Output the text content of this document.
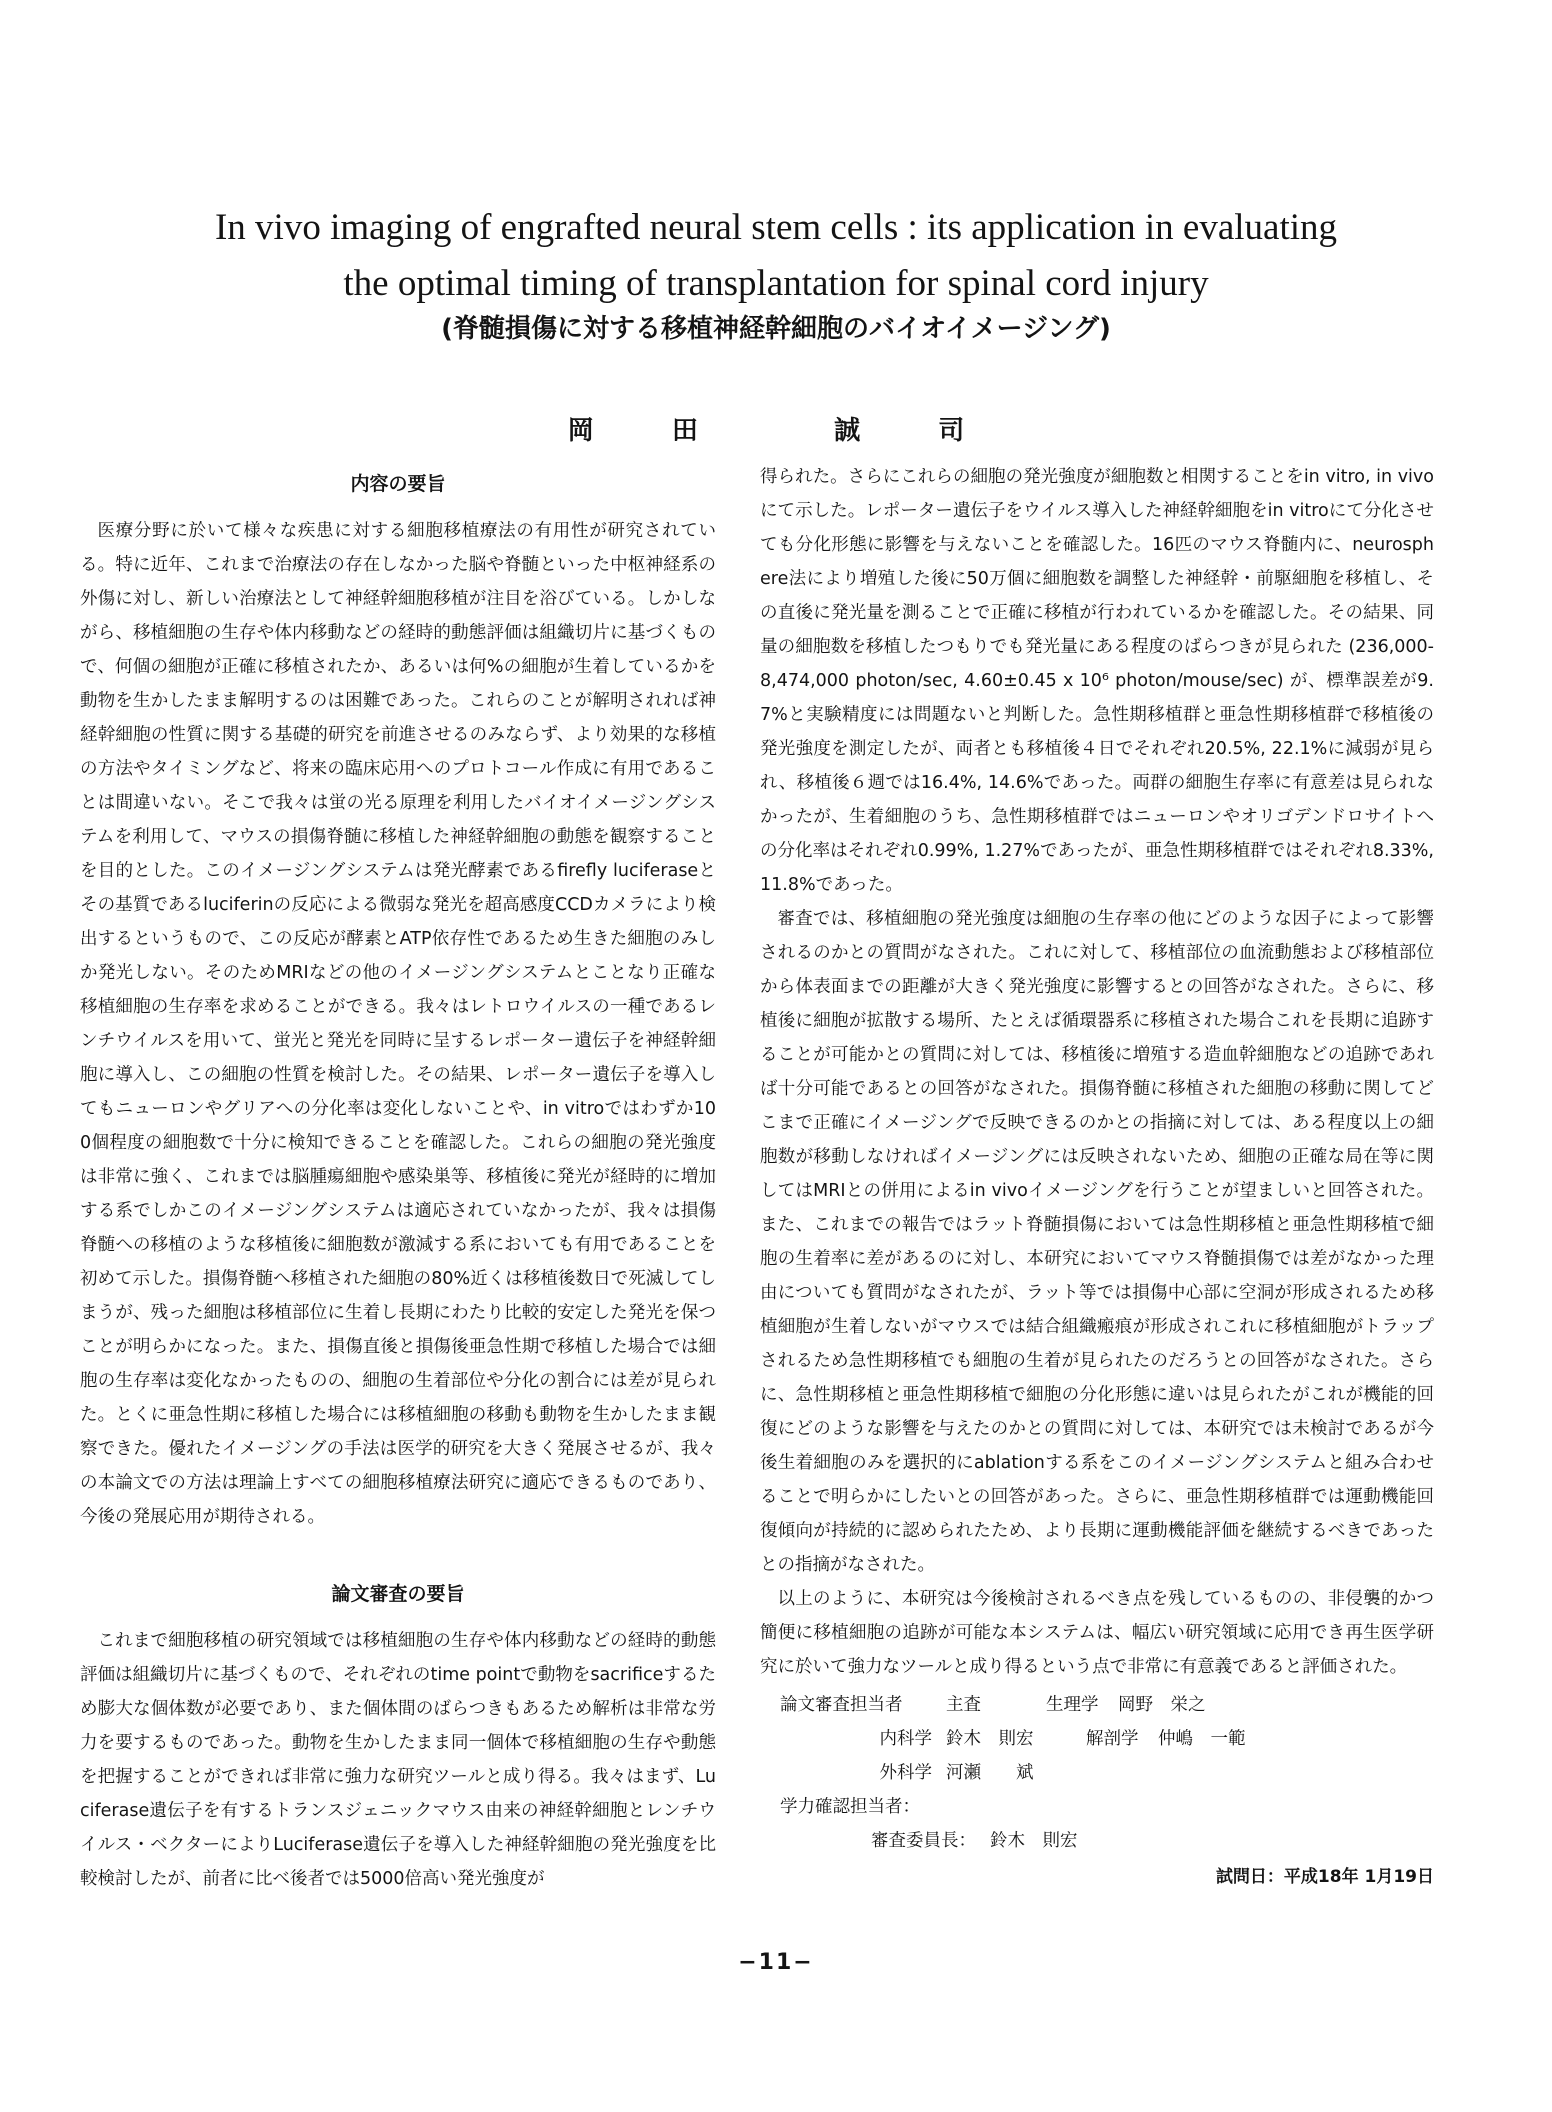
In vivo imaging of engrafted neural stem cells : its application in evaluating
the optimal timing of transplantation for spinal cord injury
(脊髄損傷に対する移植神経幹細胞のバイオイメージング)
岡  田    誠  司
内容の要旨

医療分野に於いて様々な疾患に対する細胞移植療法の有用性が研究されている。特に近年、これまで治療法の存在しなかった脳や脊髄といった中枢神経系の外傷に対し、新しい治療法として神経幹細胞移植が注目を浴びている。しかしながら、移植細胞の生存や体内移動などの経時的動態評価は組織切片に基づくもので、何個の細胞が正確に移植されたか、あるいは何%の細胞が生着しているかを動物を生かしたまま解明するのは困難であった。これらのことが解明されれば神経幹細胞の性質に関する基礎的研究を前進させるのみならず、より効果的な移植の方法やタイミングなど、将来の臨床応用へのプロトコール作成に有用であることは間違いない。そこで我々は蛍の光る原理を利用したバイオイメージングシステムを利用して、マウスの損傷脊髄に移植した神経幹細胞の動態を観察することを目的とした。このイメージングシステムは発光酵素であるfirefly luciferaseとその基質であるluciferinの反応による微弱な発光を超高感度CCDカメラにより検出するというもので、この反応が酵素とATP依存性であるため生きた細胞のみしか発光しない。そのためMRIなどの他のイメージングシステムとことなり正確な移植細胞の生存率を求めることができる。我々はレトロウイルスの一種であるレンチウイルスを用いて、蛍光と発光を同時に呈するレポーター遺伝子を神経幹細胞に導入し、この細胞の性質を検討した。その結果、レポーター遺伝子を導入してもニューロンやグリアへの分化率は変化しないことや、in vitroではわずか100個程度の細胞数で十分に検知できることを確認した。これらの細胞の発光強度は非常に強く、これまでは脳腫瘍細胞や感染巣等、移植後に発光が経時的に増加する系でしかこのイメージングシステムは適応されていなかったが、我々は損傷脊髄への移植のような移植後に細胞数が激減する系においても有用であることを初めて示した。損傷脊髄へ移植された細胞の80%近くは移植後数日で死滅してしまうが、残った細胞は移植部位に生着し長期にわたり比較的安定した発光を保つことが明らかになった。また、損傷直後と損傷後亜急性期で移植した場合では細胞の生存率は変化なかったものの、細胞の生着部位や分化の割合には差が見られた。とくに亜急性期に移植した場合には移植細胞の移動も動物を生かしたまま観察できた。優れたイメージングの手法は医学的研究を大きく発展させるが、我々の本論文での方法は理論上すべての細胞移植療法研究に適応できるものであり、今後の発展応用が期待される。

論文審査の要旨

これまで細胞移植の研究領域では移植細胞の生存や体内移動などの経時的動態評価は組織切片に基づくもので、それぞれのtime pointで動物をsacrificeするため膨大な個体数が必要であり、また個体間のばらつきもあるため解析は非常な労力を要するものであった。動物を生かしたまま同一個体で移植細胞の生存や動態を把握することができれば非常に強力な研究ツールと成り得る。我々はまず、Luciferase遺伝子を有するトランスジェニックマウス由来の神経幹細胞とレンチウイルス・ベクターによりLuciferase遺伝子を導入した神経幹細胞の発光強度を比較検討したが、前者に比べ後者では5000倍高い発光強度が

得られた。さらにこれらの細胞の発光強度が細胞数と相関することをin vitro, in vivoにて示した。レポーター遺伝子をウイルス導入した神経幹細胞をin vitroにて分化させても分化形態に影響を与えないことを確認した。16匹のマウス脊髄内に、neurosphere法により増殖した後に50万個に細胞数を調整した神経幹・前駆細胞を移植し、その直後に発光量を測ることで正確に移植が行われているかを確認した。その結果、同量の細胞数を移植したつもりでも発光量にある程度のばらつきが見られた (236,000-8,474,000 photon/sec, 4.60±0.45 x 10⁶ photon/mouse/sec) が、標準誤差が9.7%と実験精度には問題ないと判断した。急性期移植群と亜急性期移植群で移植後の発光強度を測定したが、両者とも移植後４日でそれぞれ20.5%, 22.1%に減弱が見られ、移植後６週では16.4%, 14.6%であった。両群の細胞生存率に有意差は見られなかったが、生着細胞のうち、急性期移植群ではニューロンやオリゴデンドロサイトへの分化率はそれぞれ0.99%, 1.27%であったが、亜急性期移植群ではそれぞれ8.33%, 11.8%であった。

審査では、移植細胞の発光強度は細胞の生存率の他にどのような因子によって影響されるのかとの質問がなされた。これに対して、移植部位の血流動態および移植部位から体表面までの距離が大きく発光強度に影響するとの回答がなされた。さらに、移植後に細胞が拡散する場所、たとえば循環器系に移植された場合これを長期に追跡することが可能かとの質問に対しては、移植後に増殖する造血幹細胞などの追跡であれば十分可能であるとの回答がなされた。損傷脊髄に移植された細胞の移動に関してどこまで正確にイメージングで反映できるのかとの指摘に対しては、ある程度以上の細胞数が移動しなければイメージングには反映されないため、細胞の正確な局在等に関してはMRIとの併用によるin vivoイメージングを行うことが望ましいと回答された。また、これまでの報告ではラット脊髄損傷においては急性期移植と亜急性期移植で細胞の生着率に差があるのに対し、本研究においてマウス脊髄損傷では差がなかった理由についても質問がなされたが、ラット等では損傷中心部に空洞が形成されるため移植細胞が生着しないがマウスでは結合組織瘢痕が形成されこれに移植細胞がトラップされるため急性期移植でも細胞の生着が見られたのだろうとの回答がなされた。さらに、急性期移植と亜急性期移植で細胞の分化形態に違いは見られたがこれが機能的回復にどのような影響を与えたのかとの質問に対しては、本研究では未検討であるが今後生着細胞のみを選択的にablationする系をこのイメージングシステムと組み合わせることで明らかにしたいとの回答があった。さらに、亜急性期移植群では運動機能回復傾向が持続的に認められたため、より長期に運動機能評価を継続するべきであったとの指摘がなされた。

以上のように、本研究は今後検討されるべき点を残しているものの、非侵襲的かつ簡便に移植細胞の追跡が可能な本システムは、幅広い研究領域に応用でき再生医学研究に於いて強力なツールと成り得るという点で非常に有意義であると評価された。

論文審査担当者	主査	生理学	岡野　栄之
内科学 鈴木　則宏	解剖学	仲嶋　一範
外科学 河瀬　　斌
学力確認担当者：
審査委員長： 鈴木　則宏
試問日：平成18年 1月19日
−11−
